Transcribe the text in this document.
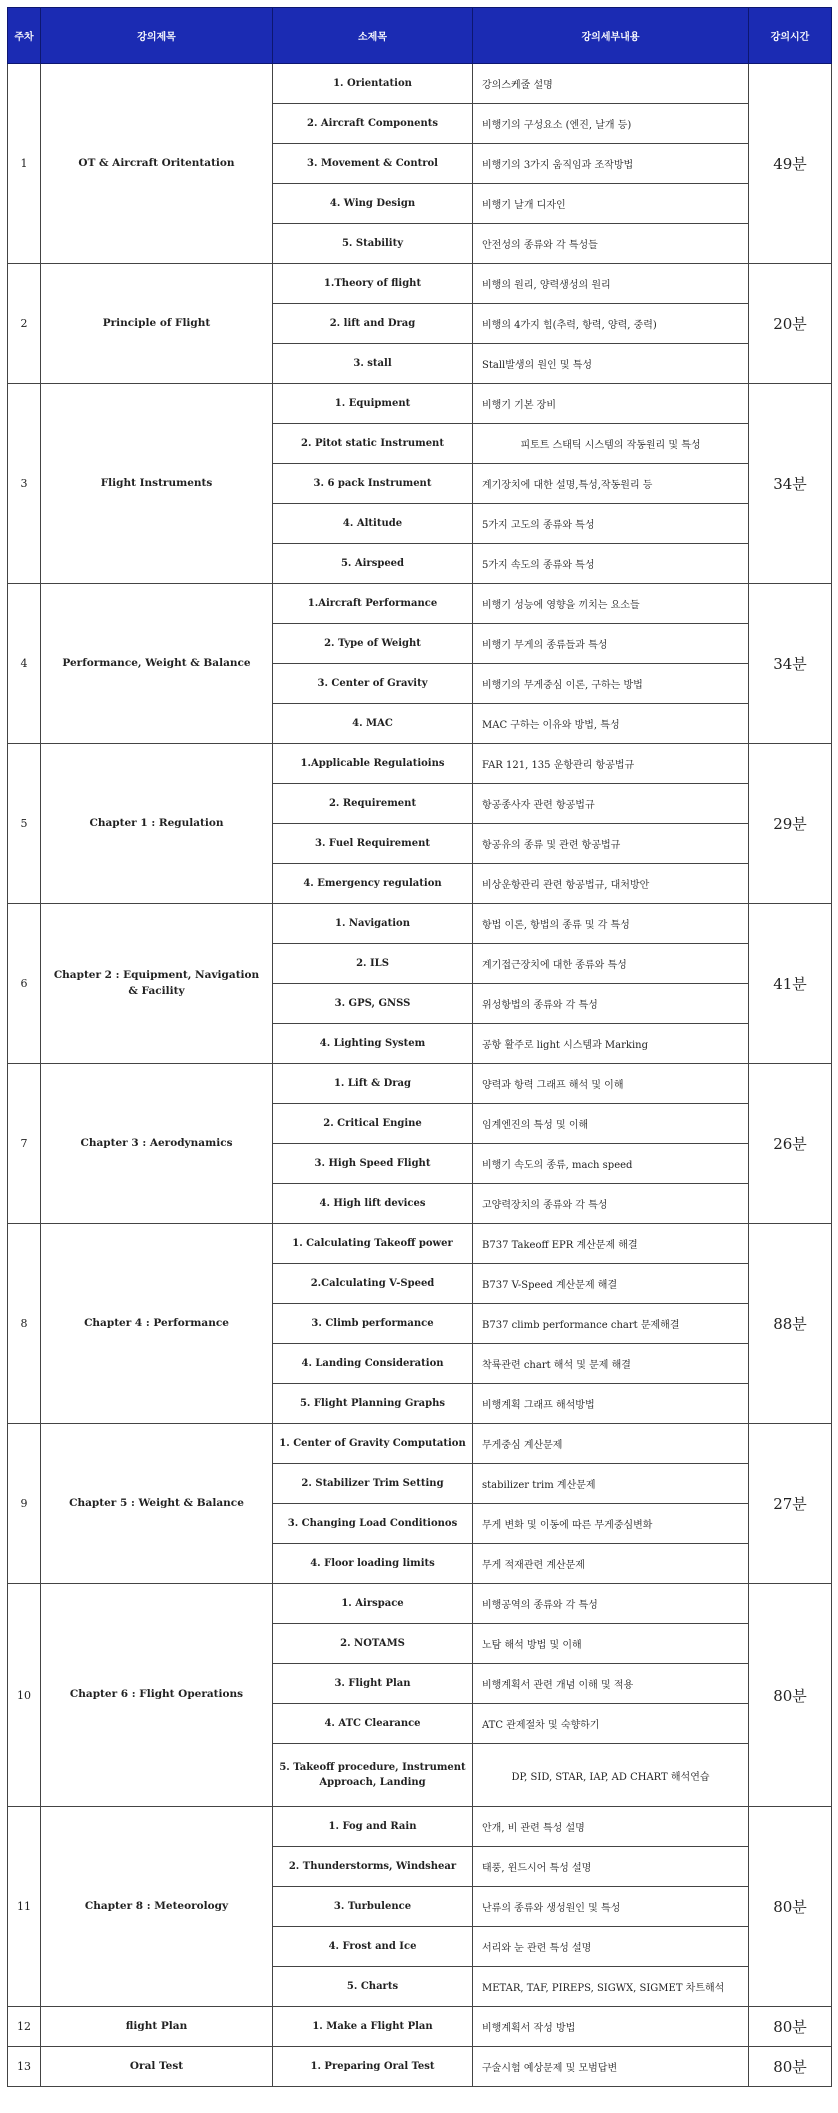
주차	강의제목	소제목	강의세부내용	강의시간
1	OT & Aircraft Oritentation	1. Orientation	강의스케줄 설명	49분
		2. Aircraft Components	비행기의 구성요소 (엔진, 날개 등)	
		3. Movement & Control	비행기의 3가지 움직임과 조작방법	
		4. Wing Design	비행기 날개 디자인	
		5. Stability	안전성의 종류와 각 특성들	
2	Principle of Flight	1.Theory of flight	비행의 원리, 양력생성의 원리	20분
		2. lift and Drag	비행의 4가지 힘(추력, 항력, 양력, 중력)	
		3. stall	Stall발생의 원인 및 특성	
3	Flight Instruments	1. Equipment	비행기 기본 장비	34분
		2. Pitot static Instrument	피토트 스태틱 시스템의 작동원리 및 특성	
		3. 6 pack Instrument	계기장치에 대한 설명,특성,작동원리 등	
		4. Altitude	5가지 고도의 종류와 특성	
		5. Airspeed	5가지 속도의 종류와 특성	
4	Performance, Weight & Balance	1.Aircraft Performance	비행기 성능에 영향을 끼치는 요소들	34분
		2. Type of Weight	비행기 무게의 종류들과 특성	
		3. Center of Gravity	비행기의 무게중심 이론, 구하는 방법	
		4. MAC	MAC 구하는 이유와 방법, 특성	
5	Chapter 1 : Regulation	1.Applicable Regulatioins	FAR 121, 135 운항관리 항공법규	29분
		2. Requirement	항공종사자 관련 항공법규	
		3. Fuel Requirement	항공유의 종류 및 관련 항공법규	
		4. Emergency regulation	비상운항관리 관련 항공법규, 대처방안	
6	Chapter 2 : Equipment, Navigation & Facility	1. Navigation	항법 이론, 항법의 종류 및 각 특성	41분
		2. ILS	계기접근장치에 대한 종류와 특성	
		3. GPS, GNSS	위성항법의 종류와 각 특성	
		4. Lighting System	공항 활주로 light 시스템과 Marking	
7	Chapter 3 : Aerodynamics	1. Lift & Drag	양력과 항력 그래프 해석 및 이해	26분
		2. Critical Engine	임계엔진의 특성 및 이해	
		3. High Speed Flight	비행기 속도의 종류, mach speed	
		4. High lift devices	고양력장치의 종류와 각 특성	
8	Chapter 4 : Performance	1. Calculating Takeoff power	B737 Takeoff EPR 계산문제 해결	88분
		2.Calculating V-Speed	B737 V-Speed 계산문제 해결	
		3. Climb performance	B737 climb performance chart 문제해결	
		4. Landing Consideration	착륙관련 chart 해석 및 문제 해결	
		5. Flight Planning Graphs	비행계획 그래프 해석방법	
9	Chapter 5 : Weight & Balance	1. Center of Gravity Computation	무게중심 계산문제	27분
		2. Stabilizer Trim Setting	stabilizer trim 계산문제	
		3. Changing Load Conditionos	무게 변화 및 이동에 따른 무게중심변화	
		4. Floor loading limits	무게 적재관련 계산문제	
10	Chapter 6 : Flight Operations	1. Airspace	비행공역의 종류와 각 특성	80분
		2. NOTAMS	노탐 해석 방법 및 이해	
		3. Flight Plan	비행계획서 관련 개념 이해 및 적용	
		4. ATC Clearance	ATC 관제절차 및 숙향하기	
		5. Takeoff procedure, Instrument Approach, Landing	DP, SID, STAR, IAP, AD CHART 해석연습	
11	Chapter 8 : Meteorology	1. Fog and Rain	안개, 비 관련 특성 설명	80분
		2. Thunderstorms, Windshear	태풍, 윈드시어 특성 설명	
		3. Turbulence	난류의 종류와 생성원인 및 특성	
		4. Frost and Ice	서리와 눈 관련 특성 설명	
		5. Charts	METAR, TAF, PIREPS, SIGWX, SIGMET 차트해석	
12	flight Plan	1. Make a Flight Plan	비행계획서 작성 방법	80분
13	Oral Test	1. Preparing Oral Test	구술시험 예상문제 및 모범답변	80분
